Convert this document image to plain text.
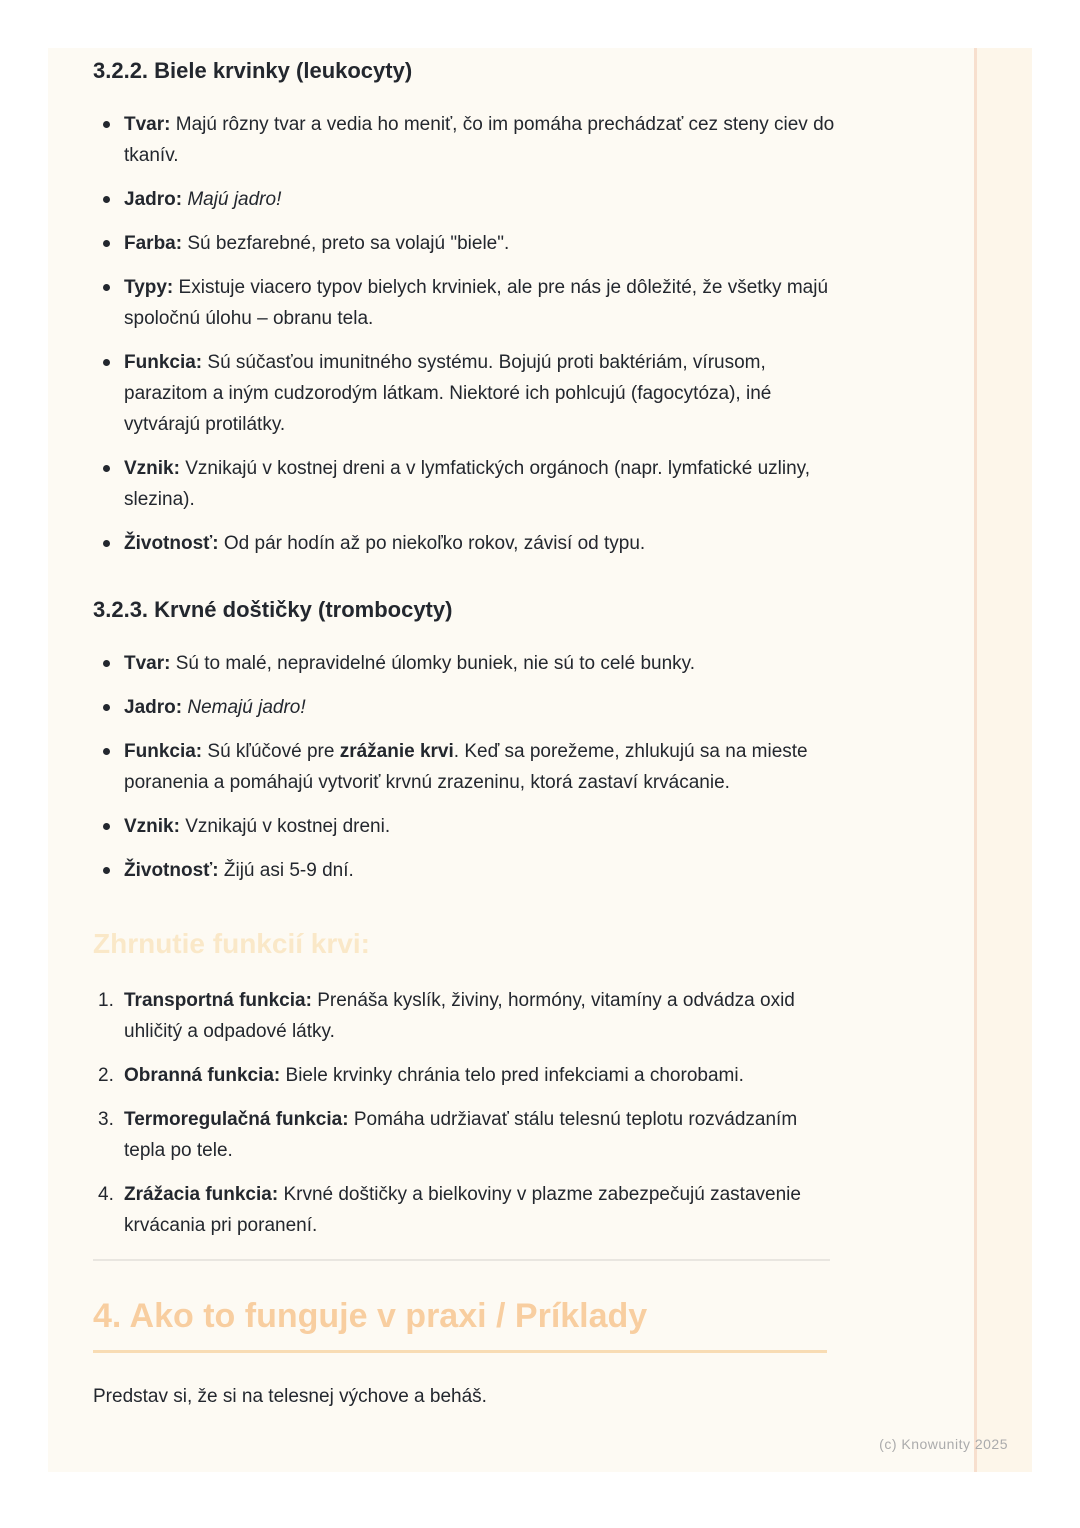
3.2.2. Biele krvinky (leukocyty)
Tvar: Majú rôzny tvar a vedia ho meniť, čo im pomáha prechádzať cez steny ciev do tkanív.
Jadro: Majú jadro!
Farba: Sú bezfarebné, preto sa volajú "biele".
Typy: Existuje viacero typov bielych krviniek, ale pre nás je dôležité, že všetky majú spoločnú úlohu – obranu tela.
Funkcia: Sú súčasťou imunitného systému. Bojujú proti baktériám, vírusom, parazitom a iným cudzorodým látkam. Niektoré ich pohlcujú (fagocytóza), iné vytvárajú protilátky.
Vznik: Vznikajú v kostnej dreni a v lymfatických orgánoch (napr. lymfatické uzliny, slezina).
Životnosť: Od pár hodín až po niekoľko rokov, závisí od typu.
3.2.3. Krvné doštičky (trombocyty)
Tvar: Sú to malé, nepravidelné úlomky buniek, nie sú to celé bunky.
Jadro: Nemajú jadro!
Funkcia: Sú kľúčové pre zrážanie krvi. Keď sa porežeme, zhlukujú sa na mieste poranenia a pomáhajú vytvoriť krvnú zrazeninu, ktorá zastaví krvácanie.
Vznik: Vznikajú v kostnej dreni.
Životnosť: Žijú asi 5-9 dní.
Zhrnutie funkcií krvi:
Transportná funkcia: Prenáša kyslík, živiny, hormóny, vitamíny a odvádza oxid uhličitý a odpadové látky.
Obranná funkcia: Biele krvinky chránia telo pred infekciami a chorobami.
Termoregulačná funkcia: Pomáha udržiavať stálu telesnú teplotu rozvádzaním tepla po tele.
Zrážacia funkcia: Krvné doštičky a bielkoviny v plazme zabezpečujú zastavenie krvácania pri poranení.
4. Ako to funguje v praxi / Príklady

Predstav si, že si na telesnej výchove a beháš.

(c) Knowunity 2025
